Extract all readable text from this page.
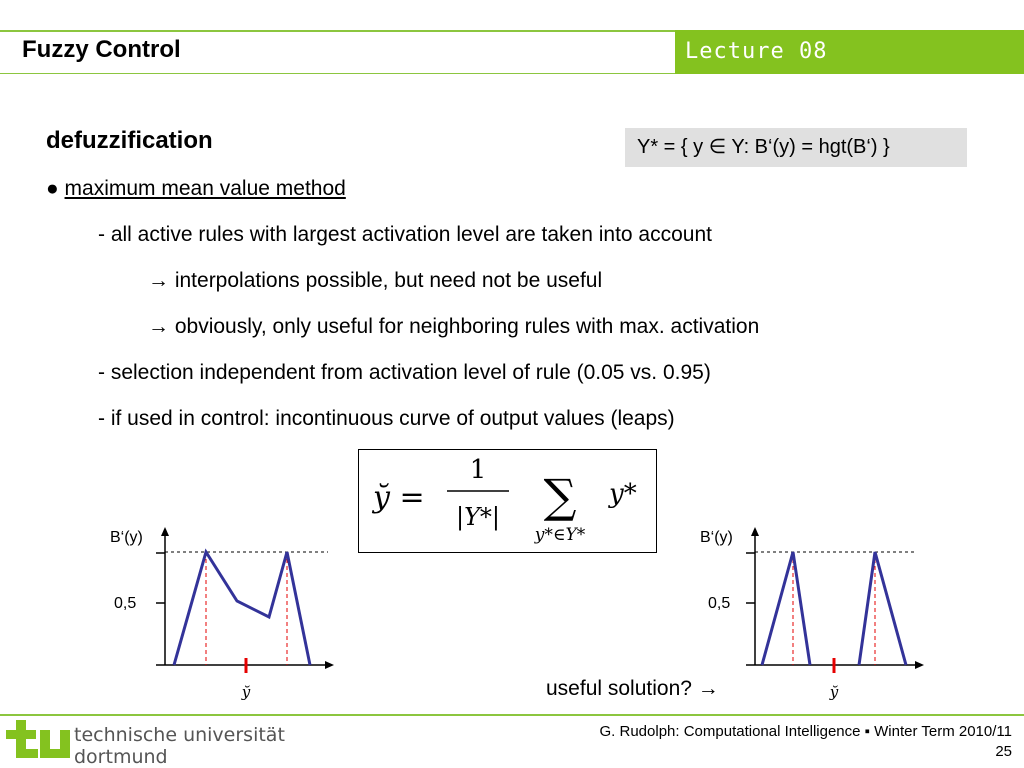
Fuzzy Control	Lecture 08
defuzzification	Y* = { y ∈ Y: B‘(y) = hgt(B‘) }
● maximum mean value method
- all active rules with largest activation level are taken into account
→ interpolations possible, but need not be useful
→ obviously, only useful for neighboring rules with max. activation
- selection independent from activation level of rule (0.05 vs. 0.95)
- if used in control: incontinuous curve of output values (leaps)
y̆ =
1
|Y*| ∑
y*∈Y*
y*
B‘(y)
0,5
y̆
B‘(y)
0,5
y̆
useful solution? →
technische universität
dortmund
G. Rudolph: Computational Intelligence ▪ Winter Term 2010/11
25
